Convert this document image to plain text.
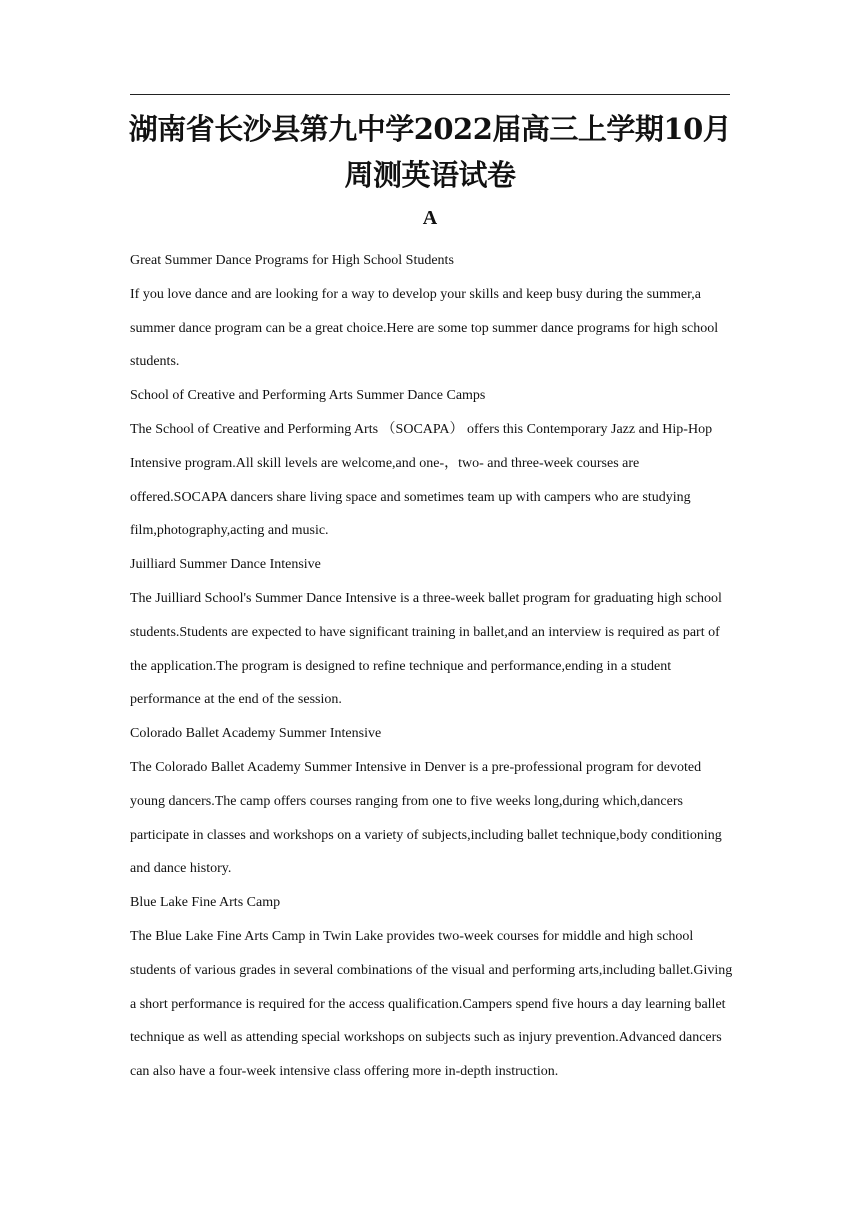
湖南省长沙县第九中学2022届高三上学期10月
周测英语试卷
A

Great Summer Dance Programs for High School Students

If you love dance and are looking for a way to develop your skills and keep busy during the summer,a summer dance program can be a great choice.Here are some top summer dance programs for high school students.

School of Creative and Performing Arts Summer Dance Camps

The School of Creative and Performing Arts （SOCAPA） offers this Contemporary Jazz and Hip-Hop Intensive program.All skill levels are welcome,and one-，two- and three-week courses are offered.SOCAPA dancers share living space and sometimes team up with campers who are studying film,photography,acting and music.

Juilliard Summer Dance Intensive

The Juilliard School's Summer Dance Intensive is a three-week ballet program for graduating high school students.Students are expected to have significant training in ballet,and an interview is required as part of the application.The program is designed to refine technique and performance,ending in a student performance at the end of the session.

Colorado Ballet Academy Summer Intensive

The Colorado Ballet Academy Summer Intensive in Denver is a pre-professional program for devoted young dancers.The camp offers courses ranging from one to five weeks long,during which,dancers participate in classes and workshops on a variety of subjects,including ballet technique,body conditioning and dance history.

Blue Lake Fine Arts Camp

The Blue Lake Fine Arts Camp in Twin Lake provides two-week courses for middle and high school students of various grades in several combinations of the visual and performing arts,including ballet.Giving a short performance is required for the access qualification.Campers spend five hours a day learning ballet technique as well as attending special workshops on subjects such as injury prevention.Advanced dancers can also have a four-week intensive class offering more in-depth instruction.
